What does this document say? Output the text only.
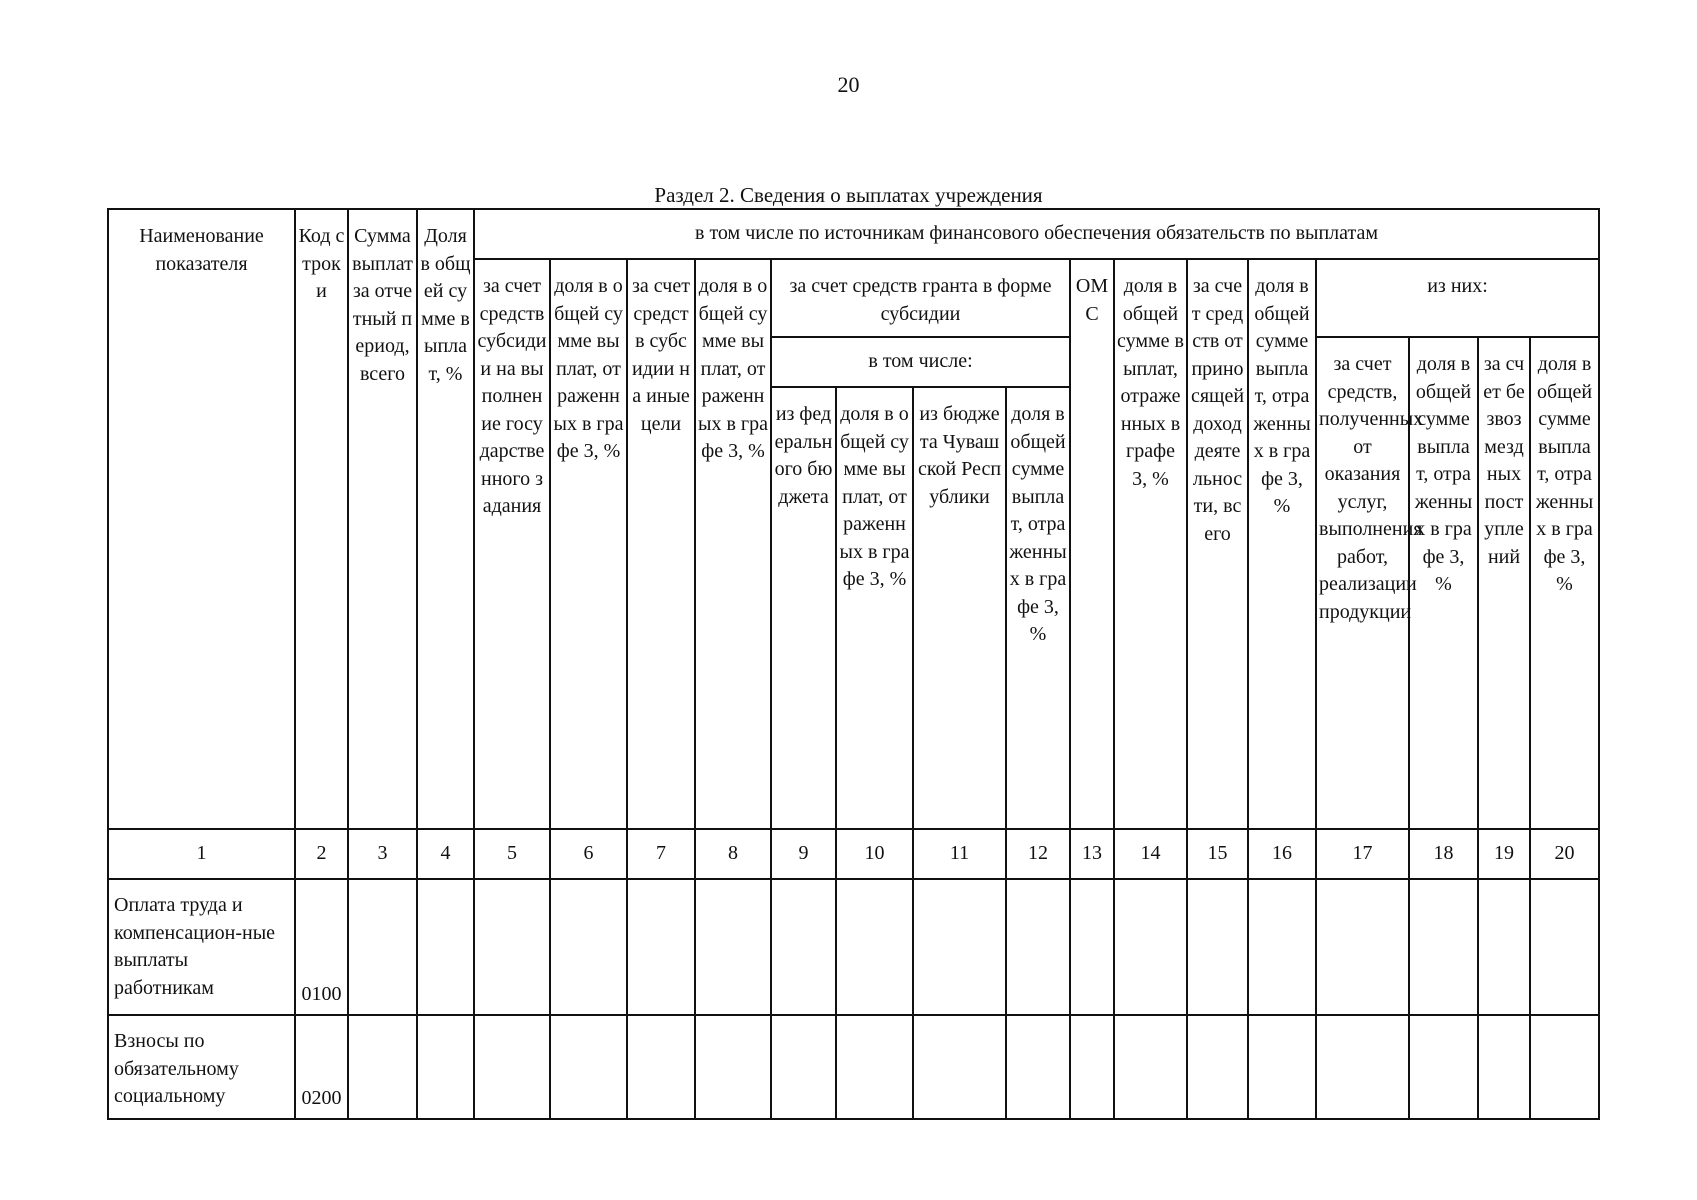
20
Раздел 2. Сведения о выплатах учреждения
Наименование показателя	Код строки	Сумма выплат за отчетный период, всего	Доля в общей сумме выплат, %	в том числе по источникам финансового обеспечения обязательств по выплатам															
				за счет средств субсидии на выполнение государственного задания	доля в общей сумме выплат, отраженных в графе 3, %	за счет средств субсидии на иные цели	доля в общей сумме выплат, отраженных в графе 3, %	за счет средств гранта в форме субсидии				ОМС	доля в общей сумме выплат, отраженных в графе 3, %	за счет средств от приносящей доход деятельности, всего	доля в общей сумме выплат, отраженных в графе 3, %	из них:			
								в том числе:								за счет средств, полученных от оказания услуг, выполнения работ, реализации продукции	доля в общей сумме выплат, отраженных в графе 3, %	за счет безвозмездных поступлений	доля в общей сумме выплат, отраженных в графе 3, %
								из федерального бюджета	доля в общей сумме выплат, отраженных в графе 3, %	из бюджета Чувашской Республики	доля в общей сумме выплат, отраженных в графе 3, %								
1	2	3	4	5	6	7	8	9	10	11	12	13	14	15	16	17	18	19	20
Оплата труда и компенсацион-ные выплаты работникам	0100																		
Взносы по обязательному социальному	0200																		
